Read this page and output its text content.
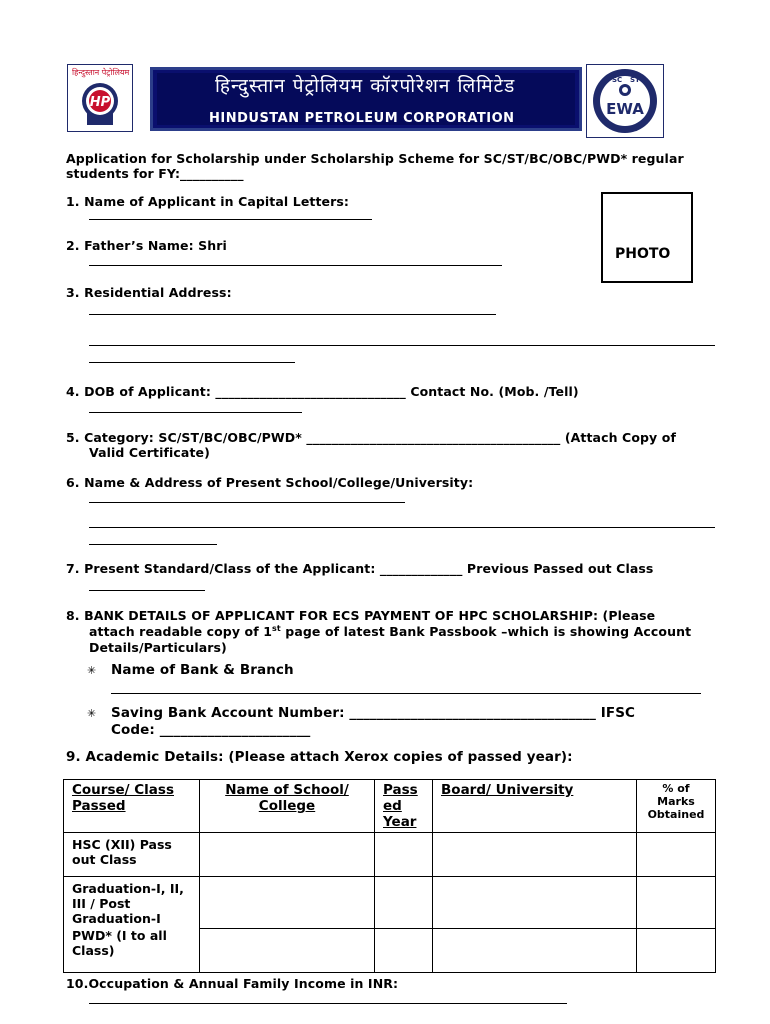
हिन्दुस्तान पेट्रोलियम
HP
हिन्दुस्तान पेट्रोलियम कॉरपोरेशन लिमिटेड
HINDUSTAN PETROLEUM CORPORATION
SC ST
EWA
Application for Scholarship under Scholarship Scheme for SC/ST/BC/OBC/PWD* regular
students for FY:__________
PHOTO
1. Name of Applicant in Capital Letters:
2. Father’s Name: Shri
3. Residential Address:
4. DOB of Applicant: ______________________________ Contact No. (Mob. /Tell)
5. Category: SC/ST/BC/OBC/PWD* ________________________________________ (Attach Copy of
Valid Certificate)
6. Name & Address of Present School/College/University:
7. Present Standard/Class of the Applicant: _____________ Previous Passed out Class
8. BANK DETAILS OF APPLICANT FOR ECS PAYMENT OF HPC SCHOLARSHIP: (Please
attach readable copy of 1st page of latest Bank Passbook –which is showing Account
Details/Particulars)
✳ Name of Bank & Branch
✳ Saving Bank Account Number: ____________________________________ IFSC
Code: ______________________
9. Academic Details: (Please attach Xerox copies of passed year):
Course/ Class Passed	Name of School/ College	Pass ed Year	Board/ University	% of Marks Obtained

HSC (XII) Pass out Class				
Graduation-I, II, III / Post Graduation-I				
PWD* (I to all Class)				
10.Occupation & Annual Family Income in INR:
